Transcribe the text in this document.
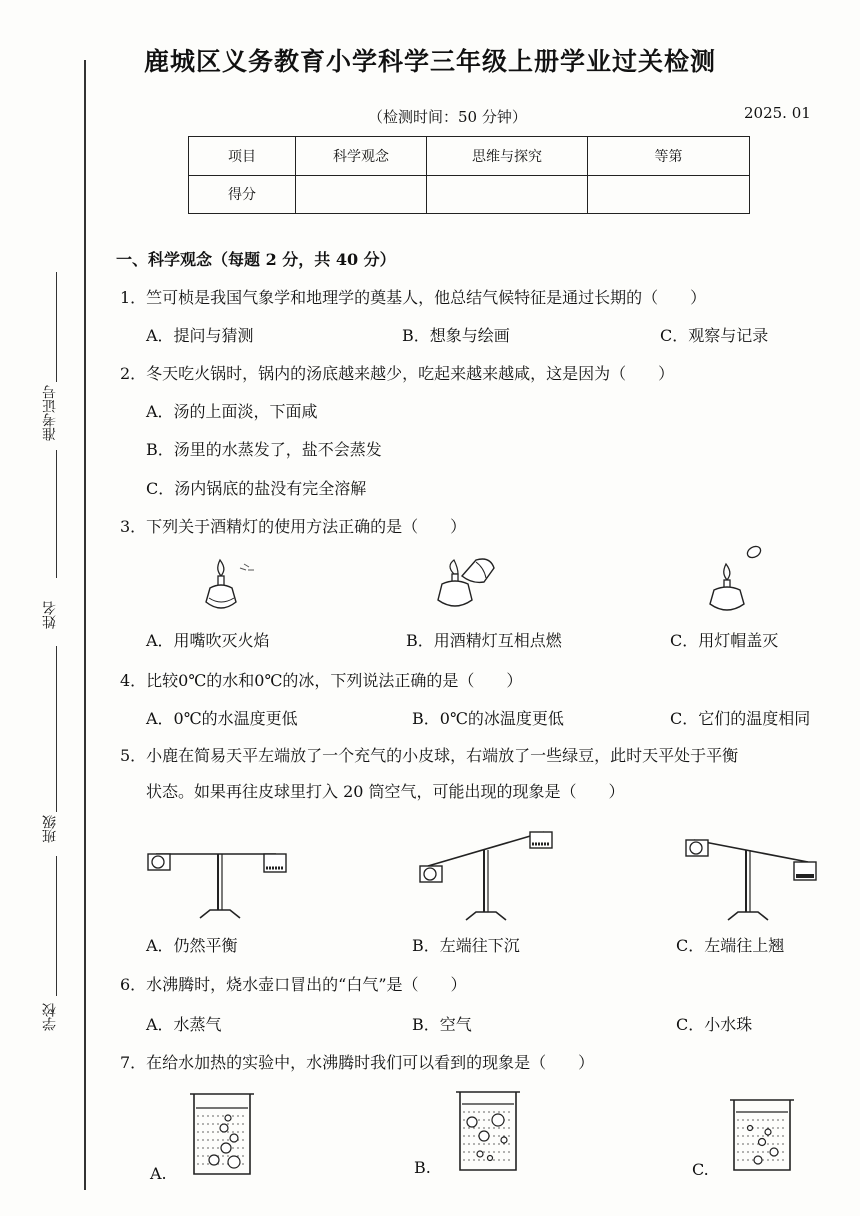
准考证号
姓名
班级
学校
鹿城区义务教育小学科学三年级上册学业过关检测
（检测时间：50 分钟）	2025. 01
项目	科学观念	思维与探究	等第
得分			
一、科学观念（每题 2 分，共 40 分）
1．竺可桢是我国气象学和地理学的奠基人，他总结气候特征是通过长期的（　　）
A．提问与猜测	B．想象与绘画	C．观察与记录
2．冬天吃火锅时，锅内的汤底越来越少，吃起来越来越咸，这是因为（　　）
A．汤的上面淡，下面咸
B．汤里的水蒸发了，盐不会蒸发
C．汤内锅底的盐没有完全溶解
3．下列关于酒精灯的使用方法正确的是（　　）
A．用嘴吹灭火焰	B．用酒精灯互相点燃	C．用灯帽盖灭
4．比较0℃的水和0℃的冰，下列说法正确的是（　　）
A．0℃的水温度更低	B．0℃的冰温度更低	C．它们的温度相同
5．小鹿在简易天平左端放了一个充气的小皮球，右端放了一些绿豆，此时天平处于平衡
状态。如果再往皮球里打入 20 筒空气，可能出现的现象是（　　）
A．仍然平衡	B．左端往下沉	C．左端往上翘
6．水沸腾时，烧水壶口冒出的“白气”是（　　）
A．水蒸气	B．空气	C．小水珠
7．在给水加热的实验中，水沸腾时我们可以看到的现象是（　　）
A.	B.	C.
